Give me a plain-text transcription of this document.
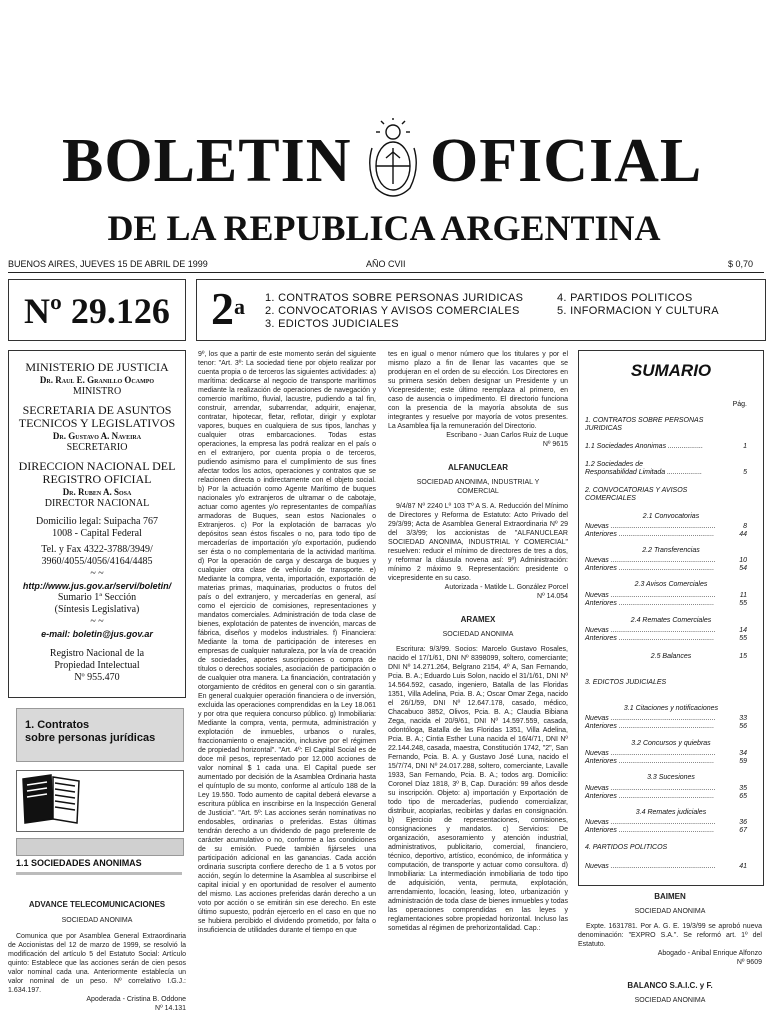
BOLETIN OFICIAL
DE LA REPUBLICA ARGENTINA
BUENOS AIRES, JUEVES 15 DE ABRIL DE 1999	AÑO CVII	$ 0,70
Nº 29.126 2$^a$ 1. CONTRATOS SOBRE PERSONAS JURIDICAS
2. CONVOCATORIAS Y AVISOS COMERCIALES
3. EDICTOS JUDICIALES
4. PARTIDOS POLITICOS
5. INFORMACION Y CULTURA
MINISTERIO DE JUSTICIA
Dr. Raul E. Granillo Ocampo
MINISTRO
SECRETARIA DE ASUNTOS
TECNICOS Y LEGISLATIVOS
Dr. Gustavo A. Naveira
SECRETARIO
DIRECCION NACIONAL DEL
REGISTRO OFICIAL
Dr. Ruben A. Sosa
DIRECTOR NACIONAL
Domicilio legal: Suipacha 767
1008 - Capital Federal
Tel. y Fax 4322-3788/3949/
3960/4055/4056/4164/4485
~ ~
http://www.jus.gov.ar/servi/boletin/
Sumario 1ª Sección
(Síntesis Legislativa)
~ ~
e-mail: boletin@jus.gov.ar
Registro Nacional de la
Propiedad Intelectual
Nº 955.470
1. Contratos
sobre personas jurídicas
1.1 SOCIEDADES ANONIMAS

ADVANCE TELECOMUNICACIONES

SOCIEDAD ANONIMA

Comunica que por Asamblea General Extraordinaria de Accionistas del 12 de marzo de 1999, se resolvió la modificación del artículo 5 del Estatuto Social: Artículo quinto: Establece que las acciones serán de cien pesos valor nominal cada una. Anteriormente establecía un valor nominal de un peso. Nº correlativo I.G.J.: 1.634.197.

Apoderada - Cristina B. Oddone

Nº 14.131

9º, los que a partir de este momento serán del siguiente tenor: "Art. 3º: La sociedad tiene por objeto realizar por cuenta propia o de terceros las siguientes actividades: a) marítima: dedicarse al negocio de transporte marítimos mediante la realización de operaciones de navegación y comercio marítimo, fluvial, lacustre, pudiendo a tal fin, construir, arrendar, subarrendar, adquirir, enajenar, contratar, hipotecar, fletar, reflotar, dirigir y explotar vapores, buques en cualquiera de sus tipos, lanchas y cualquier otras embarcaciones. Todas estas operaciones, la empresa las podrá realizar en el país o en el extranjero, por cuenta propia o de terceros, pudiendo asimismo para el cumplimiento de sus fines afectar todos los actos, operaciones y contratos que se relacionen directa o indirectamente con el objeto social. b) Por la actuación como Agente Marítimo de buques nacionales y/o extranjeros de ultramar o de cabotaje, actuar como agentes y/o representantes de compañías armadoras de Buques, sean estos Nacionales o Extranjeros. c) Por la explotación de barracas y/o depósitos sean éstos fiscales o no, para todo tipo de mercaderías de importación y/o exportación, pudiendo ser ésta o no complementaria de la actividad marítima. d) Por la operación de carga y descarga de buques y cualquier otra clase de vehículo de transporte. e) Mediante la compra, venta, importación, exportación de materias primas, maquinarias, productos o frutos del país o del extranjero, y mercaderías en general, así como el ejercicio de comisiones, representaciones y mandatos comerciales. Administración de toda clase de bienes, explotación de patentes de invención, marcas de fábrica, diseños y modelos industriales. f) Financiera: Mediante la toma de participación de intereses en empresas de cualquier naturaleza, por la vía de creación de sociedades, aportes suscripciones o compra de títulos o derechos sociales, asociación de participación o de cualquier otra manera. La financiación, contratación y otorgamiento de créditos en general con o sin garantía. En general cualquier operación financiera o de inversión, excluida las operaciones comprendidas en la Ley 18.061 y por otra que requiera concurso público. g) Inmobiliaria: Mediante la compra, venta, permuta, administración y explotación de inmuebles, urbanos o rurales, fraccionamiento o enajenación, inclusive por el régimen de propiedad horizontal". "Art. 4º: El Capital Social es de doce mil pesos, representado por 12.000 acciones de valor nominal $ 1 cada una. El Capital puede ser aumentado por decisión de la Asamblea Ordinaria hasta el quíntuplo de su monto, conforme al artículo 188 de la Ley 19.550. Todo aumento de capital deberá elevarse a escritura pública en inscribirse en la Inspección General de Justicia". "Art. 5º: Las acciones serán nominativas no endosables, ordinarias o preferidas. Estas últimas tendrán derecho a un dividendo de pago preferente de carácter acumulativo o no, conforme a las condiciones de su emisión. Puede también fijárseles una participación adicional en las ganancias. Cada acción ordinaria suscripta confiere derecho de 1 a 5 votos por acción, según lo determine la Asamblea al suscribirse el capital inicial y en oportunidad de resolver el aumento del mismo. Las acciones preferidas darán derecho a un voto por acción o se emitirán sin ese derecho. En este último supuesto, podrán ejercerlo en el caso en que no se hubiera percibido el dividendo prometido, por falta o insuficiencia de utilidades durante el tiempo en que

tes en igual o menor número que los titulares y por el mismo plazo a fin de llenar las vacantes que se produjeran en el orden de su elección. Los Directores en su primera sesión deben designar un Presidente y un Vicepresidente; este último reemplaza al primero, en caso de ausencia o impedimento. El directorio funciona con la presencia de la mayoría absoluta de sus integrantes y resuelve por mayoría de votos presentes. La Asamblea fija la remuneración del Directorio.

Escribano - Juan Carlos Ruiz de Luque

Nº 9615

ALFANUCLEAR

SOCIEDAD ANONIMA, INDUSTRIAL Y

COMERCIAL

9/4/87 Nº 2240 Lº 103 Tº A S. A. Reducción del Mínimo de Directores y Reforma de Estatuto: Acto Privado del 29/3/99; Acta de Asamblea General Extraordinaria Nº 29 del 3/3/99; los accionistas de "ALFANUCLEAR SOCIEDAD ANONIMA, INDUSTRIAL Y COMERCIAL" resuelven: reducir el mínimo de directores de tres a dos, y reformar la cláusula novena así: 9º) Administración: mínimo 2 máximo 9. Representación: presidente o vicepresidente en su caso.

Autorizada - Matilde L. González Porcel

Nº 14.054

ARAMEX

SOCIEDAD ANONIMA

Escritura: 9/3/99. Socios: Marcelo Gustavo Rosales, nacido el 17/1/61, DNI Nº 8398099, soltero, comerciante; DNI Nº 14.271.264, Belgrano 2154, 4º A, San Fernando, Pcia. B. A.; Eduardo Luis Solon, nacido el 31/1/61, DNI Nº 14.564.592, casado, ingeniero, Batalla de las Floridas 1351, Villa Adelina, Pcia. B. A.; Oscar Omar Zega, nacido el 26/1/59, DNI Nº 12.647.178, casado, médico, Chacabuco 3852, Olivos, Pcia. B. A.; Claudia Bibiana Zega, nacida el 20/9/61, DNI Nº 14.597.559, casada, odontóloga, Batalla de las Floridas 1351, Villa Adelina, Pcia. B. A.; Cintia Esther Luna nacida el 16/4/71, DNI Nº 22.144.248, casada, maestra, Constitución 1742, "2", San Fernando, Pcia. B. A. y Gustavo José Luna, nacido el 15/7/74, DNI Nº 24.017.288, soltero, comerciante, Lavalle 1933, San Fernando, Pcia. B. A.; todos arg. Domicilio: Coronel Díaz 1818, 3º B, Cap. Duración: 99 años desde su inscripción. Objeto: a) importación y Exportación de todo tipo de mercaderías, pudiendo comercializar, distribuir, acopiarlas, recibirlas y darlas en consignación. b) Ejercicio de representaciones, comisiones, consignaciones y mandatos. c) Servicios: De organización, asesoramiento y atención industrial, administrativos, publicitario, comercial, financiero, técnico, deportivo, artístico, económico, de informática y computación, de transporte y actuar como consultora. d) Inmobiliaria: La intermediación inmobiliaria de todo tipo de adquisición, venta, permuta, explotación, arrendamiento, locación, leasing, loteo, urbanización y administración de toda clase de bienes inmuebles y todas las operaciones comprendidas en las leyes y reglamentaciones sobre propiedad horizontal. Incluso las sometidas al régimen de prehorizontalidad. Cap.:

SUMARIO
Pág.
1. CONTRATOS SOBRE PERSONAS
JURIDICAS
1.1 Sociedades Anonimas ..................	1
1.2 Sociedades de
Responsabilidad Limitada ..................	5
2. CONVOCATORIAS Y AVISOS
COMERCIALES
2.1 Convocatorias
Nuevas ......................................................	8
Anteriores .................................................	44
2.2 Transferencias
Nuevas ......................................................	10
Anteriores .................................................	54
2.3 Avisos Comerciales
Nuevas ......................................................	11
Anteriores .................................................	55
2.4 Remates Comerciales
Nuevas ......................................................	14
Anteriores .................................................	55
2.5 Balances	15
3. EDICTOS JUDICIALES
3.1 Citaciones y notificaciones
Nuevas ......................................................	33
Anteriores .................................................	56
3.2 Concursos y quiebras
Nuevas ......................................................	34
Anteriores .................................................	59
3.3 Sucesiones
Nuevas ......................................................	35
Anteriores .................................................	65
3.4 Remates judiciales
Nuevas ......................................................	36
Anteriores .................................................	67
4. PARTIDOS POLITICOS
Nuevas ......................................................	41

BAIMEN

SOCIEDAD ANONIMA

Expte. 1631781. Por A. G. E. 19/3/99 se aprobó nueva denominación: "EXPRO S.A.". Se reformó art. 1º del Estatuto.

Abogado - Anibal Enrique Alfonzo

Nº 9609

BALANCO S.A.I.C. y F.

SOCIEDAD ANONIMA
